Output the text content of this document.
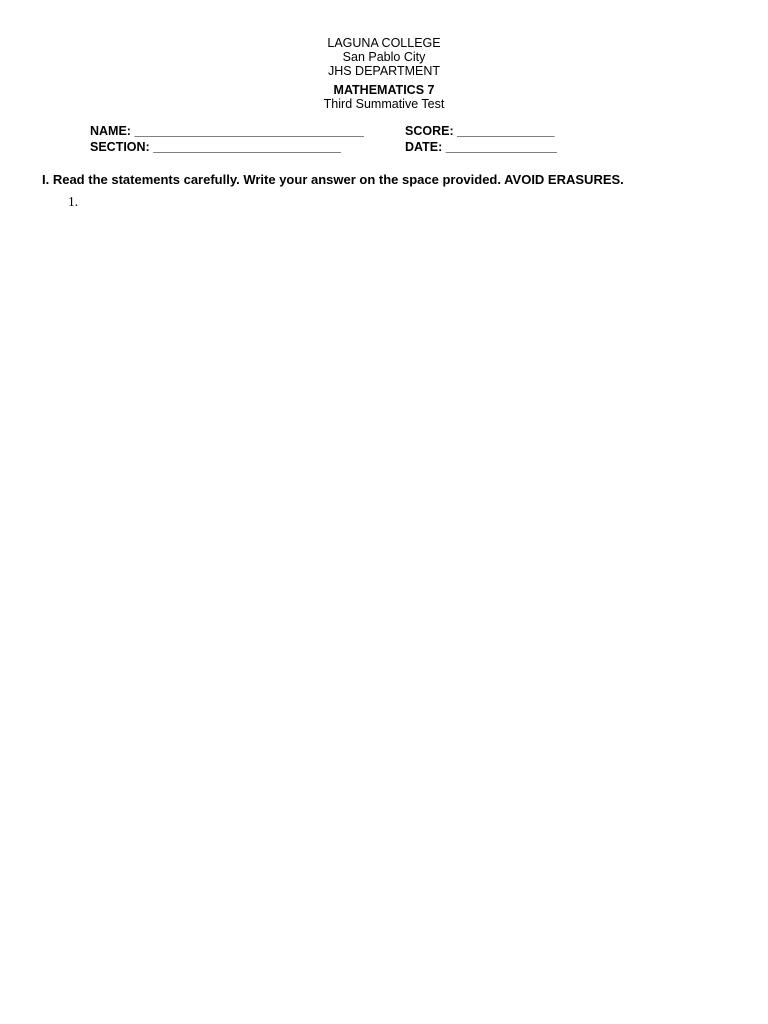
LAGUNA COLLEGE
San Pablo City
JHS DEPARTMENT
MATHEMATICS 7
Third Summative Test
NAME: _________________________________	SCORE: ______________
SECTION: ___________________________	DATE: ________________
I. Read the statements carefully. Write your answer on the space provided. AVOID ERASURES.
1.
